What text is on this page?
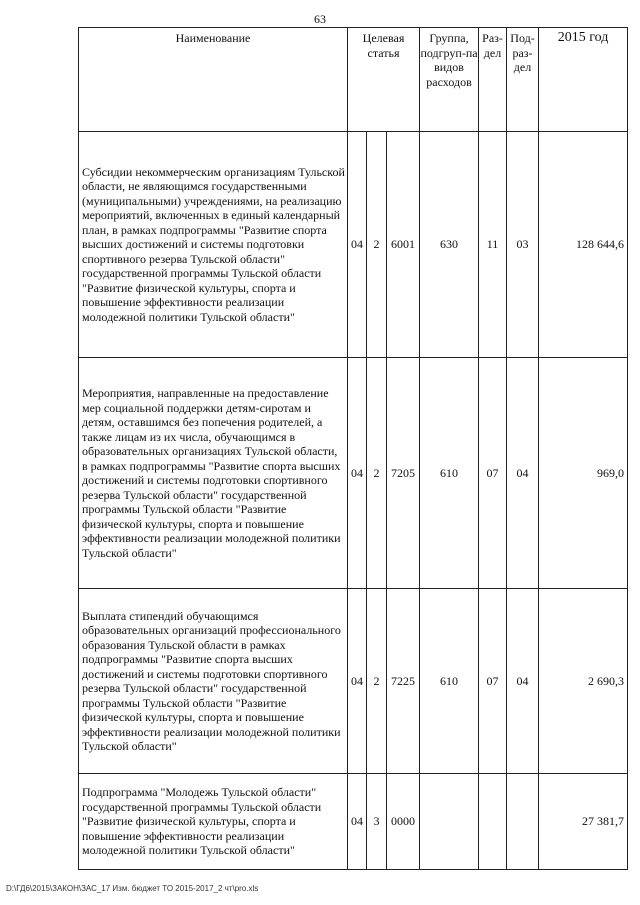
63
Наименование	Целевая статья			Группа, подгруп-па видов расходов	Раз-дел	Под-раз-дел	2015 год
Субсидии некоммерческим организациям Тульской области, не являющимся государственными (муниципальными) учреждениями, на реализацию мероприятий, включенных в единый календарный план, в рамках подпрограммы "Развитие спорта высших достижений и системы подготовки спортивного резерва Тульской области" государственной программы Тульской области "Развитие физической культуры, спорта и повышение эффективности реализации молодежной политики Тульской области"	04	2	6001	630	11	03	128 644,6
Мероприятия, направленные на предоставление мер социальной поддержки детям-сиротам и детям, оставшимся без попечения родителей, а также лицам из их числа, обучающимся в образовательных организациях Тульской области, в рамках подпрограммы "Развитие спорта высших достижений и системы подготовки спортивного резерва Тульской области" государственной программы Тульской области "Развитие физической культуры, спорта и повышение эффективности реализации молодежной политики Тульской области"	04	2	7205	610	07	04	969,0
Выплата стипендий обучающимся образовательных организаций профессионального образования Тульской области в рамках подпрограммы "Развитие спорта высших достижений и системы подготовки спортивного резерва Тульской области" государственной программы Тульской области "Развитие физической культуры, спорта и повышение эффективности реализации молодежной политики Тульской области"	04	2	7225	610	07	04	2 690,3
Подпрограмма "Молодежь Тульской области" государственной программы Тульской области "Развитие физической культуры, спорта и повышение эффективности реализации молодежной политики Тульской области"	04	3	0000				27 381,7
D:\ГД6\2015\ЗАКОН\ЗАС_17 Изм. бюджет ТО 2015-2017_2 чт\pro.xls
